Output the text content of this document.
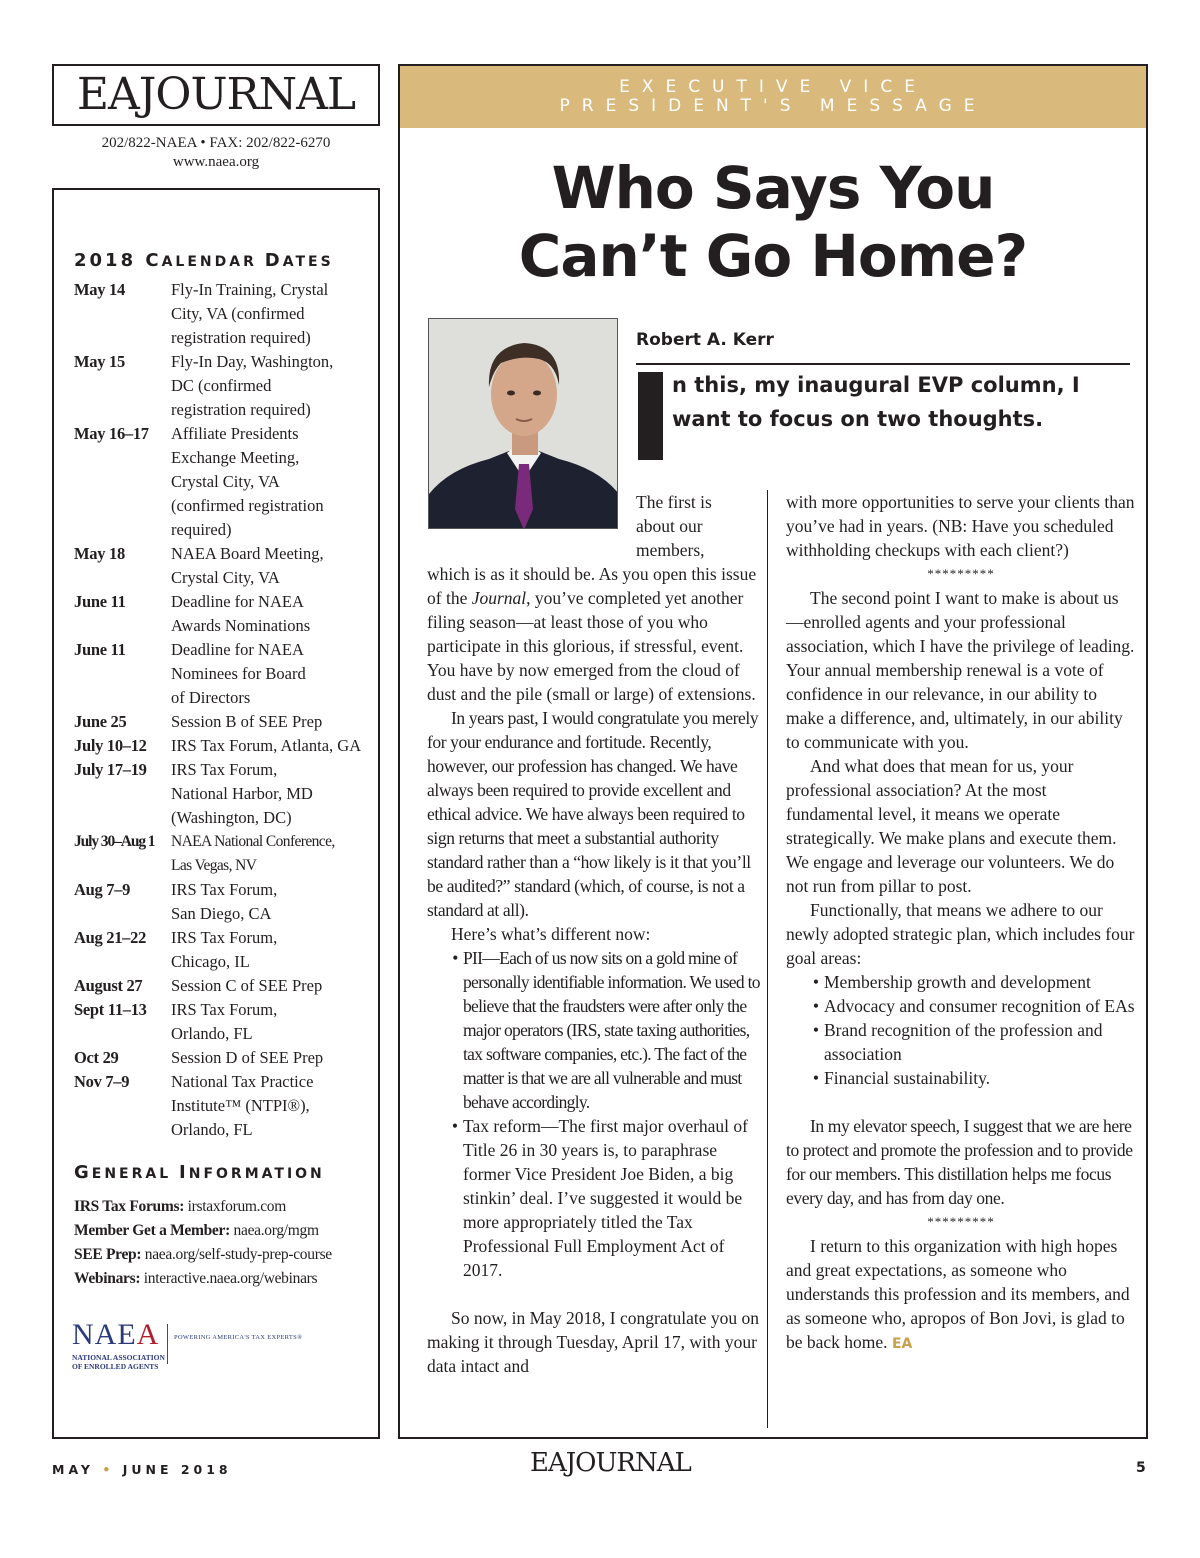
EAJOURNAL
202/822-NAEA • FAX: 202/822-6270
www.naea.org
2018 CALENDAR DATES
May 14	Fly-In Training, Crystal
City, VA (confirmed
registration required)
May 15	Fly-In Day, Washington,
DC (confirmed
registration required)
May 16–17	Affiliate Presidents
Exchange Meeting,
Crystal City, VA
(confirmed registration
required)
May 18	NAEA Board Meeting,
Crystal City, VA
June 11	Deadline for NAEA
Awards Nominations
June 11	Deadline for NAEA
Nominees for Board
of Directors
June 25	Session B of SEE Prep
July 10–12	IRS Tax Forum, Atlanta, GA
July 17–19	IRS Tax Forum,
National Harbor, MD
(Washington, DC)
July 30–Aug 1	NAEA National Conference,
Las Vegas, NV
Aug 7–9	IRS Tax Forum,
San Diego, CA
Aug 21–22	IRS Tax Forum,
Chicago, IL
August 27	Session C of SEE Prep
Sept 11–13	IRS Tax Forum,
Orlando, FL
Oct 29	Session D of SEE Prep
Nov 7–9	National Tax Practice
Institute™ (NTPI®),
Orlando, FL
GENERAL INFORMATION
IRS Tax Forums: irstaxforum.com
Member Get a Member: naea.org/mgm
SEE Prep: naea.org/self-study-prep-course
Webinars: interactive.naea.org/webinars
NAEA
NATIONAL ASSOCIATION
OF ENROLLED AGENTS
POWERING AMERICA'S TAX EXPERTS®
EXECUTIVE VICE
PRESIDENT'S MESSAGE
Who Says You
Can’t Go Home?
Robert A. Kerr
I
n this, my inaugural EVP column, I want to focus on two thoughts.
The first is about our members,

which is as it should be. As you open this issue of the Journal, you’ve completed yet another filing season—at least those of you who participate in this glorious, if stressful, event. You have by now emerged from the cloud of dust and the pile (small or large) of extensions.

In years past, I would congratulate you merely for your endurance and fortitude. Recently, however, our profession has changed. We have always been required to provide excellent and ethical advice. We have always been required to sign returns that meet a substantial authority standard rather than a “how likely is it that you’ll be audited?” standard (which, of course, is not a standard at all).

Here’s what’s different now:

• PII—Each of us now sits on a gold mine of personally identifiable information. We used to believe that the fraudsters were after only the major operators (IRS, state taxing authorities, tax software companies, etc.). The fact of the matter is that we are all vulnerable and must behave accordingly.
• Tax reform—The first major overhaul of Title 26 in 30 years is, to paraphrase former Vice President Joe Biden, a big stinkin’ deal. I’ve suggested it would be more appropriately titled the Tax Professional Full Employment Act of 2017.

So now, in May 2018, I congratulate you on making it through Tuesday, April 17, with your data intact and

with more opportunities to serve your clients than you’ve had in years. (NB: Have you scheduled withholding checkups with each client?)

*********

The second point I want to make is about us—enrolled agents and your professional association, which I have the privilege of leading. Your annual membership renewal is a vote of confidence in our relevance, in our ability to make a difference, and, ultimately, in our ability to communicate with you.

And what does that mean for us, your professional association? At the most fundamental level, it means we operate strategically. We make plans and execute them. We engage and leverage our volunteers. We do not run from pillar to post.

Functionally, that means we adhere to our newly adopted strategic plan, which includes four goal areas:

• Membership growth and development
• Advocacy and consumer recognition of EAs
• Brand recognition of the profession and association
• Financial sustainability.

In my elevator speech, I suggest that we are here to protect and promote the profession and to provide for our members. This distillation helps me focus every day, and has from day one.

*********

I return to this organization with high hopes and great expectations, as someone who understands this profession and its members, and as someone who, apropos of Bon Jovi, is glad to be back home. EA

MAY • JUNE 2018	EAJOURNAL	5
